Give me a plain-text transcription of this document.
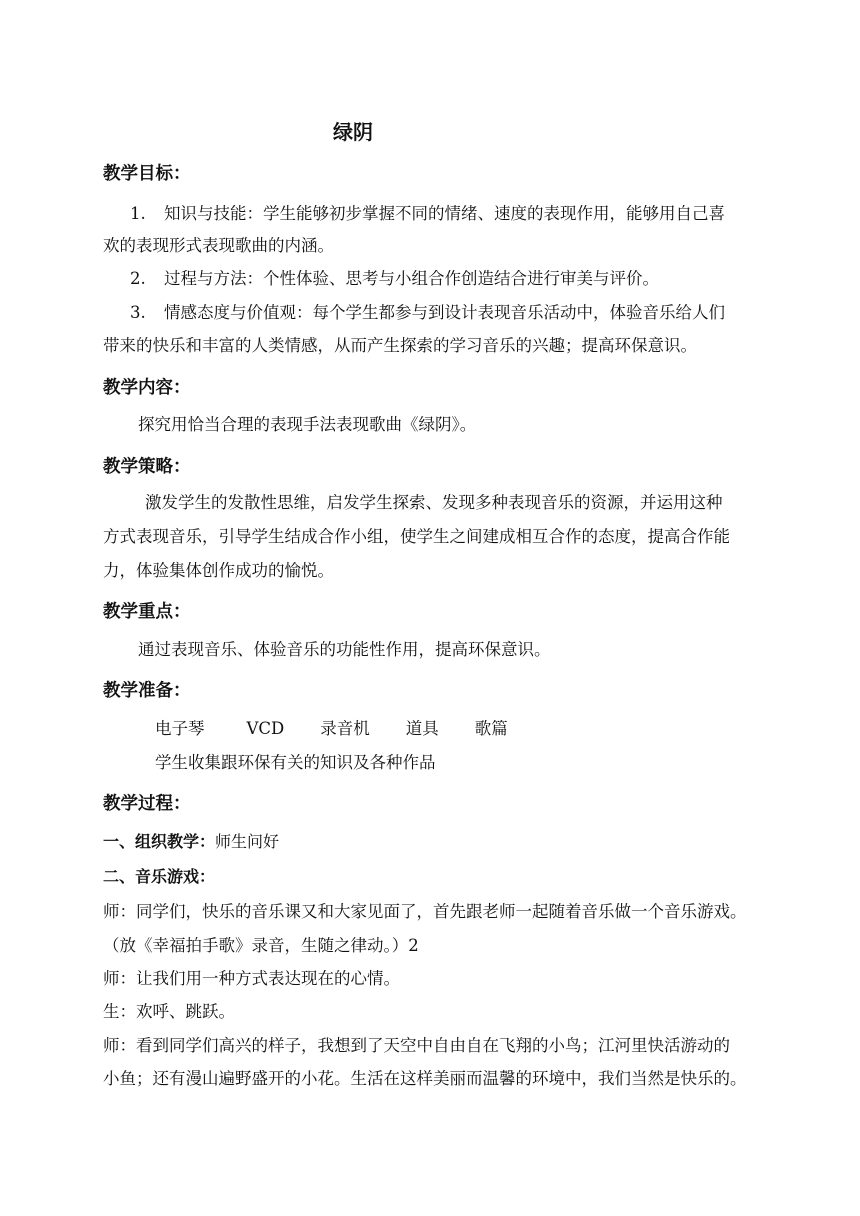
绿阴
教学目标：
1. 知识与技能：学生能够初步掌握不同的情绪、速度的表现作用，能够用自己喜
欢的表现形式表现歌曲的内涵。
2. 过程与方法：个性体验、思考与小组合作创造结合进行审美与评价。
3. 情感态度与价值观：每个学生都参与到设计表现音乐活动中，体验音乐给人们
带来的快乐和丰富的人类情感，从而产生探索的学习音乐的兴趣；提高环保意识。
教学内容：
探究用恰当合理的表现手法表现歌曲《绿阴》。
教学策略：
激发学生的发散性思维，启发学生探索、发现多种表现音乐的资源，并运用这种
方式表现音乐，引导学生结成合作小组，使学生之间建成相互合作的态度，提高合作能
力，体验集体创作成功的愉悦。
教学重点：
通过表现音乐、体验音乐的功能性作用，提高环保意识。
教学准备：
电子琴	VCD 录音机 道具 歌篇
学生收集跟环保有关的知识及各种作品
教学过程：
一、组织教学：师生问好
二、音乐游戏：
师：同学们，快乐的音乐课又和大家见面了，首先跟老师一起随着音乐做一个音乐游戏。
（放《幸福拍手歌》录音，生随之律动。）2
师：让我们用一种方式表达现在的心情。
生：欢呼、跳跃。
师：看到同学们高兴的样子，我想到了天空中自由自在飞翔的小鸟；江河里快活游动的
小鱼；还有漫山遍野盛开的小花。生活在这样美丽而温馨的环境中，我们当然是快乐的。
